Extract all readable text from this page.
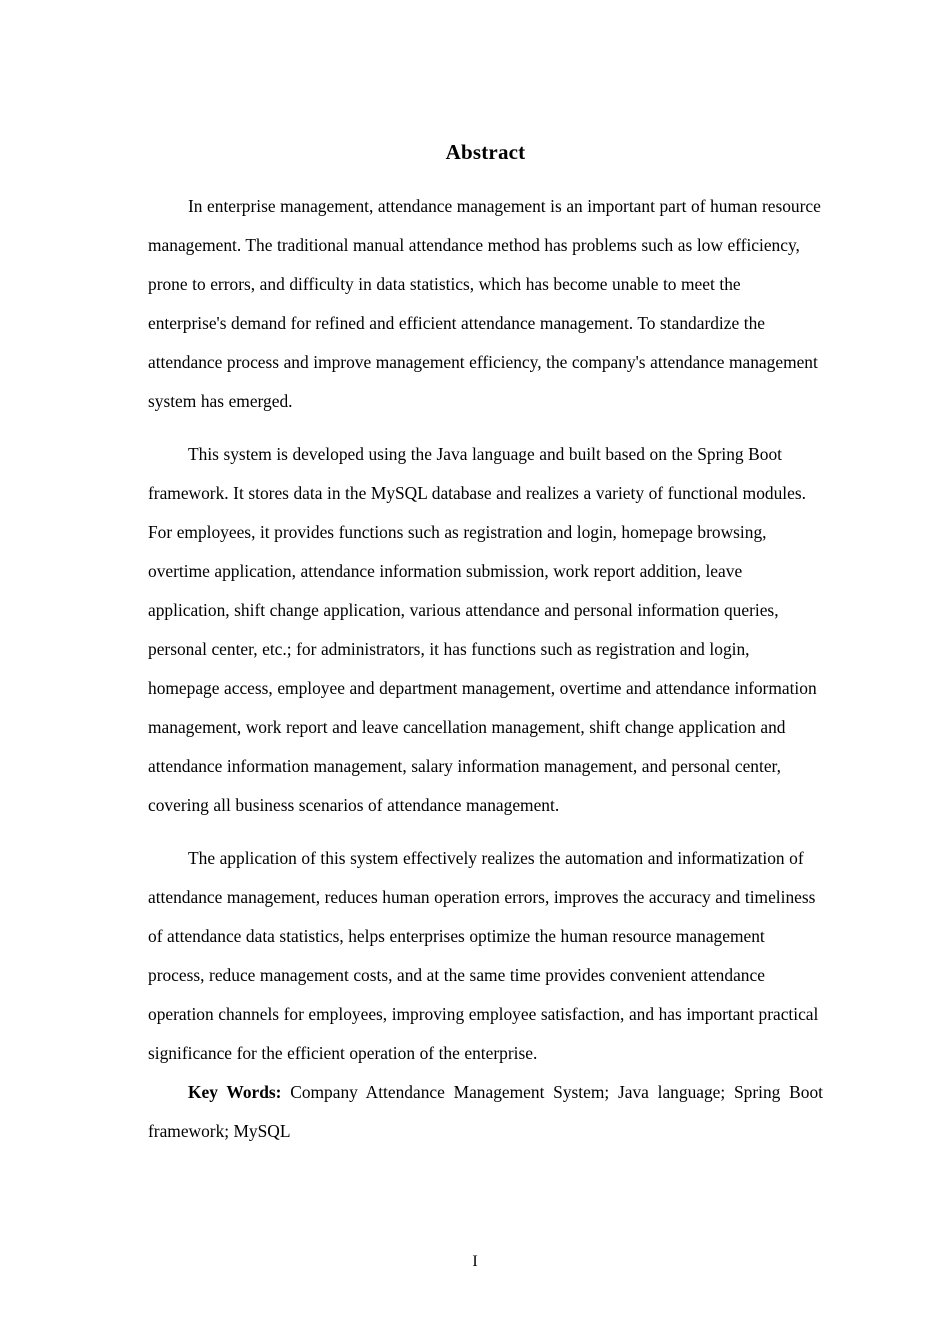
Abstract

In enterprise management, attendance management is an important part of human resource management. The traditional manual attendance method has problems such as low efficiency, prone to errors, and difficulty in data statistics, which has become unable to meet the enterprise's demand for refined and efficient attendance management. To standardize the attendance process and improve management efficiency, the company's attendance management system has emerged.

This system is developed using the Java language and built based on the Spring Boot framework. It stores data in the MySQL database and realizes a variety of functional modules. For employees, it provides functions such as registration and login, homepage browsing, overtime application, attendance information submission, work report addition, leave application, shift change application, various attendance and personal information queries, personal center, etc.; for administrators, it has functions such as registration and login, homepage access, employee and department management, overtime and attendance information management, work report and leave cancellation management, shift change application and attendance information management, salary information management, and personal center, covering all business scenarios of attendance management.

The application of this system effectively realizes the automation and informatization of attendance management, reduces human operation errors, improves the accuracy and timeliness of attendance data statistics, helps enterprises optimize the human resource management process, reduce management costs, and at the same time provides convenient attendance operation channels for employees, improving employee satisfaction, and has important practical significance for the efficient operation of the enterprise.

Key Words: Company Attendance Management System; Java language; Spring Boot framework; MySQL

I
